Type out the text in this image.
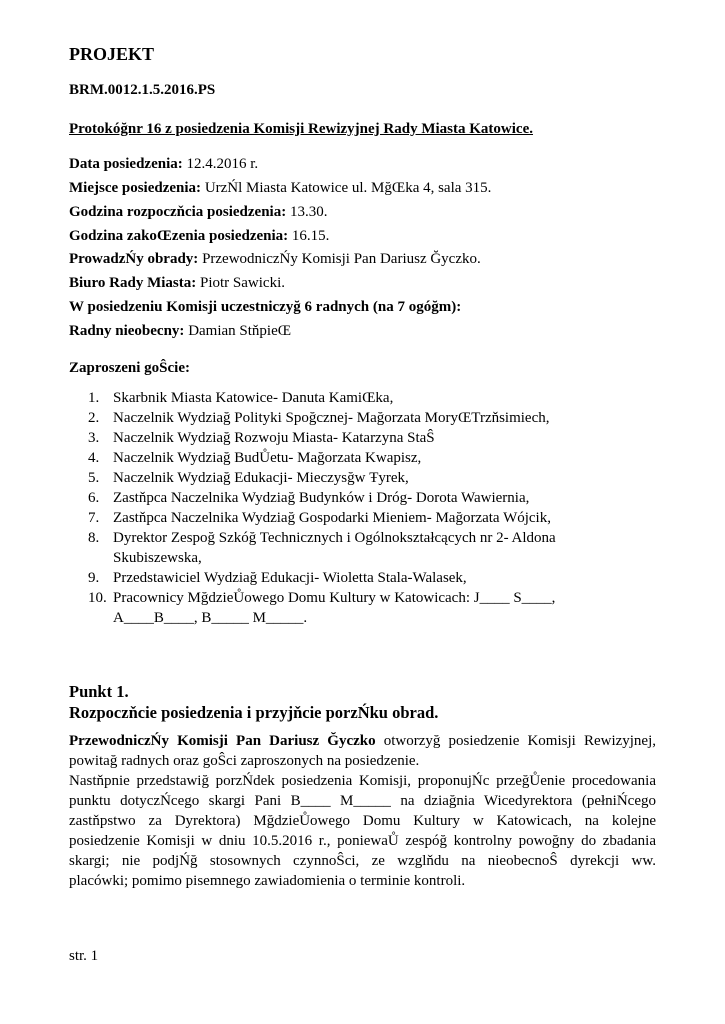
PROJEKT
BRM.0012.1.5.2016.PS
Protokóğnr 16 z posiedzenia Komisji Rewizyjnej Rady Miasta Katowice.
Data posiedzenia: 12.4.2016 r.
Miejsce posiedzenia: UrzŃl Miasta Katowice ul. MğŒka 4, sala 315.
Godzina rozpoczňcia posiedzenia: 13.30.
Godzina zakoŒzenia posiedzenia: 16.15.
ProwadzŃy obrady: PrzewodniczŃy Komisji Pan Dariusz Ğyczko.
Biuro Rady Miasta: Piotr Sawicki.
W posiedzeniu Komisji uczestniczyğ 6 radnych (na 7 ogóğm):
Radny nieobecny: Damian StňpieŒ
Zaproszeni goŜcie:
1. Skarbnik Miasta Katowice- Danuta KamiŒka,
2. Naczelnik Wydziağ Polityki Spoğcznej- Mağorzata MoryŒTrzňsimiech,
3. Naczelnik Wydziağ Rozwoju Miasta- Katarzyna StaŜ
4. Naczelnik Wydziağ BudŮetu- Mağorzata Kwapisz,
5. Naczelnik Wydziağ Edukacji- Mieczysğw Ŧyrek,
6. Zastňpca Naczelnika Wydziağ Budynków i Dróg- Dorota Wawiernia,
7. Zastňpca Naczelnika Wydziağ Gospodarki Mieniem- Mağorzata Wójcik,
8. Dyrektor Zespoğ Szkóğ Technicznych i Ogólnokształcących nr 2- Aldona
Skubiszewska,
9. Przedstawiciel Wydziağ Edukacji- Wioletta Stala-Walasek,
10. Pracownicy MğdzieŮowego Domu Kultury w Katowicach: J____ S____,
A____B____, B_____ M_____.
Punkt 1.
Rozpoczňcie posiedzenia i przyjňcie porzŃku obrad.
PrzewodniczŃy Komisji Pan Dariusz Ğyczko otworzyğ posiedzenie Komisji Rewizyjnej,
powitağ radnych oraz goŜci zaproszonych na posiedzenie.
Nastňpnie przedstawiğ porzŃdek posiedzenia Komisji, proponujŃc przeğŮenie procedowania
punktu dotyczŃcego skargi Pani B____ M_____ na dziağnia Wicedyrektora (pełniŃcego
zastňpstwo za Dyrektora) MğdzieŮowego Domu Kultury w Katowicach, na kolejne
posiedzenie Komisji w dniu 10.5.2016 r., poniewaŮ zespóğ kontrolny powoğny do zbadania
skargi; nie podjŃğ stosownych czynnoŜci, ze wzglňdu na nieobecnoŜ dyrekcji ww.
placówki; pomimo pisemnego zawiadomienia o terminie kontroli.
str. 1
